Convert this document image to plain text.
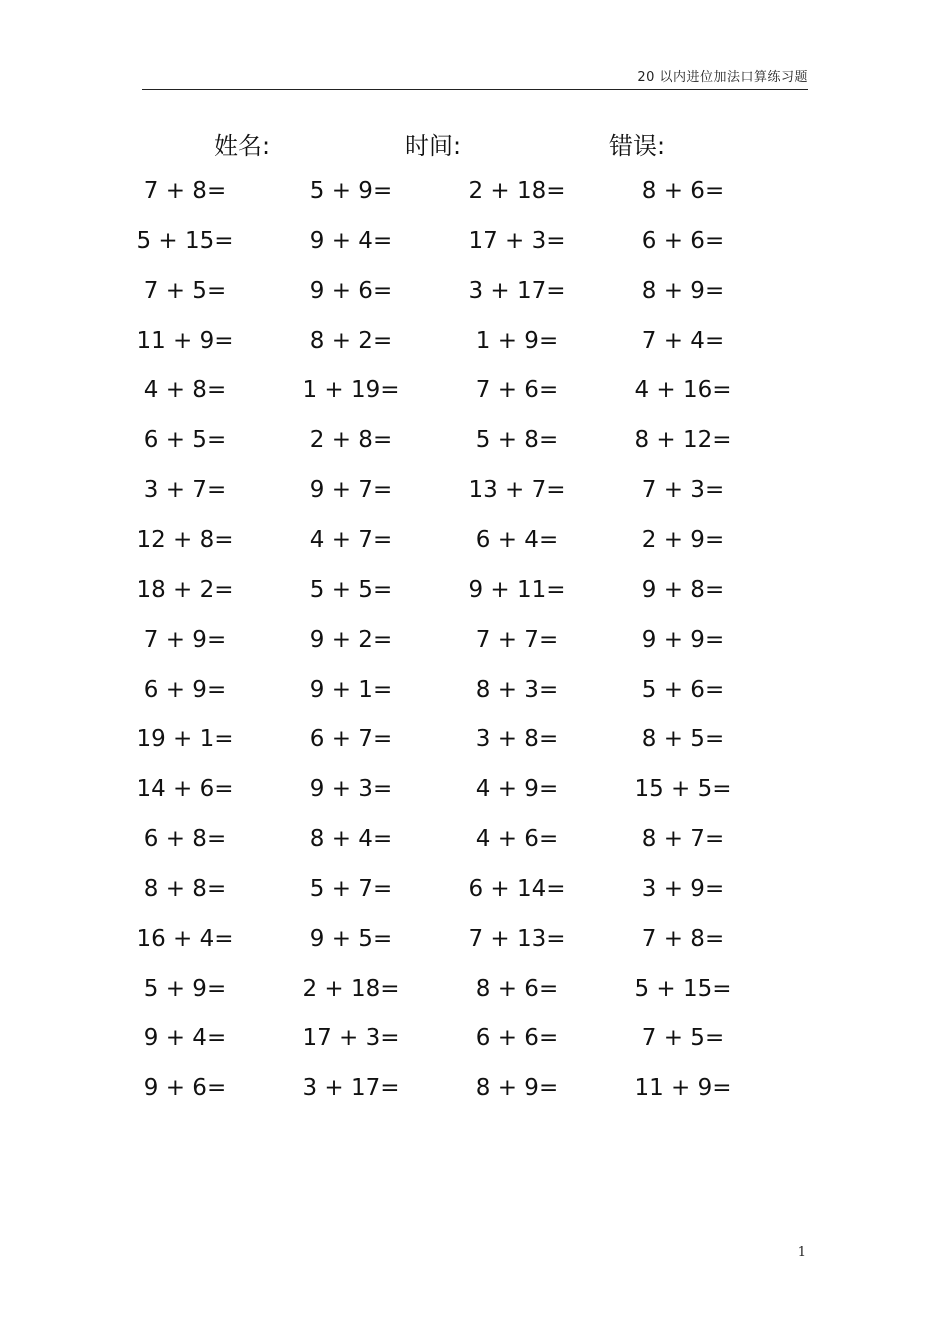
20 以内进位加法口算练习题
姓名:	时间:	错误:
7 + 8=	5 + 9=	2 + 18=	8 + 6=
5 + 15=	9 + 4=	17 + 3=	6 + 6=
7 + 5=	9 + 6=	3 + 17=	8 + 9=
11 + 9=	8 + 2=	1 + 9=	7 + 4=
4 + 8=	1 + 19=	7 + 6=	4 + 16=
6 + 5=	2 + 8=	5 + 8=	8 + 12=
3 + 7=	9 + 7=	13 + 7=	7 + 3=
12 + 8=	4 + 7=	6 + 4=	2 + 9=
18 + 2=	5 + 5=	9 + 11=	9 + 8=
7 + 9=	9 + 2=	7 + 7=	9 + 9=
6 + 9=	9 + 1=	8 + 3=	5 + 6=
19 + 1=	6 + 7=	3 + 8=	8 + 5=
14 + 6=	9 + 3=	4 + 9=	15 + 5=
6 + 8=	8 + 4=	4 + 6=	8 + 7=
8 + 8=	5 + 7=	6 + 14=	3 + 9=
16 + 4=	9 + 5=	7 + 13=	7 + 8=
5 + 9=	2 + 18=	8 + 6=	5 + 15=
9 + 4=	17 + 3=	6 + 6=	7 + 5=
9 + 6=	3 + 17=	8 + 9=	11 + 9=
1
